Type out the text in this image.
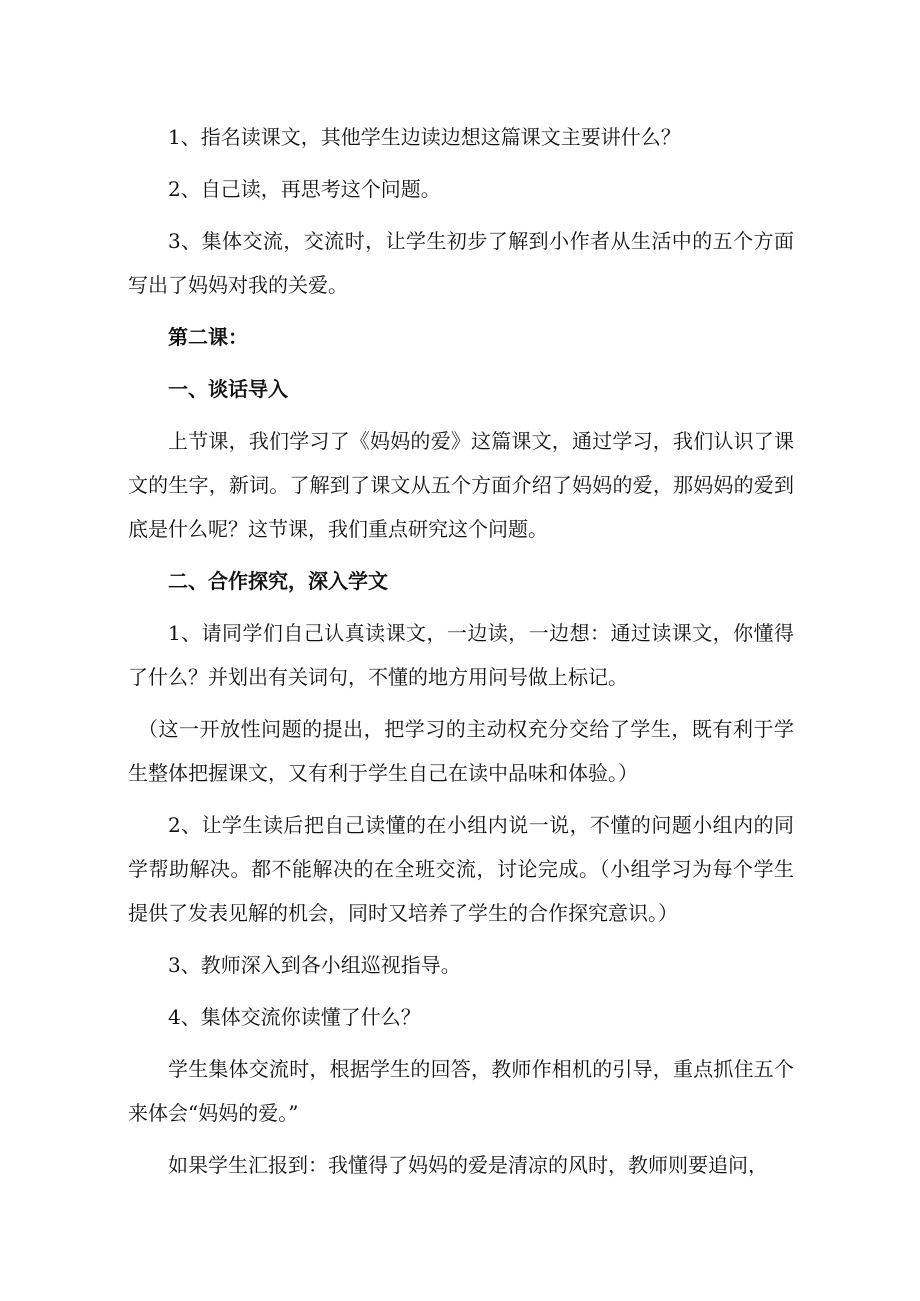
1、指名读课文，其他学生边读边想这篇课文主要讲什么？

2、自己读，再思考这个问题。

3、集体交流，交流时，让学生初步了解到小作者从生活中的五个方面写出了妈妈对我的关爱。

第二课：

一、谈话导入

上节课，我们学习了《妈妈的爱》这篇课文，通过学习，我们认识了课文的生字，新词。了解到了课文从五个方面介绍了妈妈的爱，那妈妈的爱到底是什么呢？这节课，我们重点研究这个问题。

二、合作探究，深入学文

1、请同学们自己认真读课文，一边读，一边想：通过读课文，你懂得了什么？并划出有关词句，不懂的地方用问号做上标记。

（这一开放性问题的提出，把学习的主动权充分交给了学生，既有利于学生整体把握课文，又有利于学生自己在读中品味和体验。）

2、让学生读后把自己读懂的在小组内说一说，不懂的问题小组内的同学帮助解决。都不能解决的在全班交流，讨论完成。（小组学习为每个学生提供了发表见解的机会，同时又培养了学生的合作探究意识。）

3、教师深入到各小组巡视指导。

4、集体交流你读懂了什么？

学生集体交流时，根据学生的回答，教师作相机的引导，重点抓住五个来体会“妈妈的爱。”

如果学生汇报到：我懂得了妈妈的爱是清凉的风时，教师则要追问，
